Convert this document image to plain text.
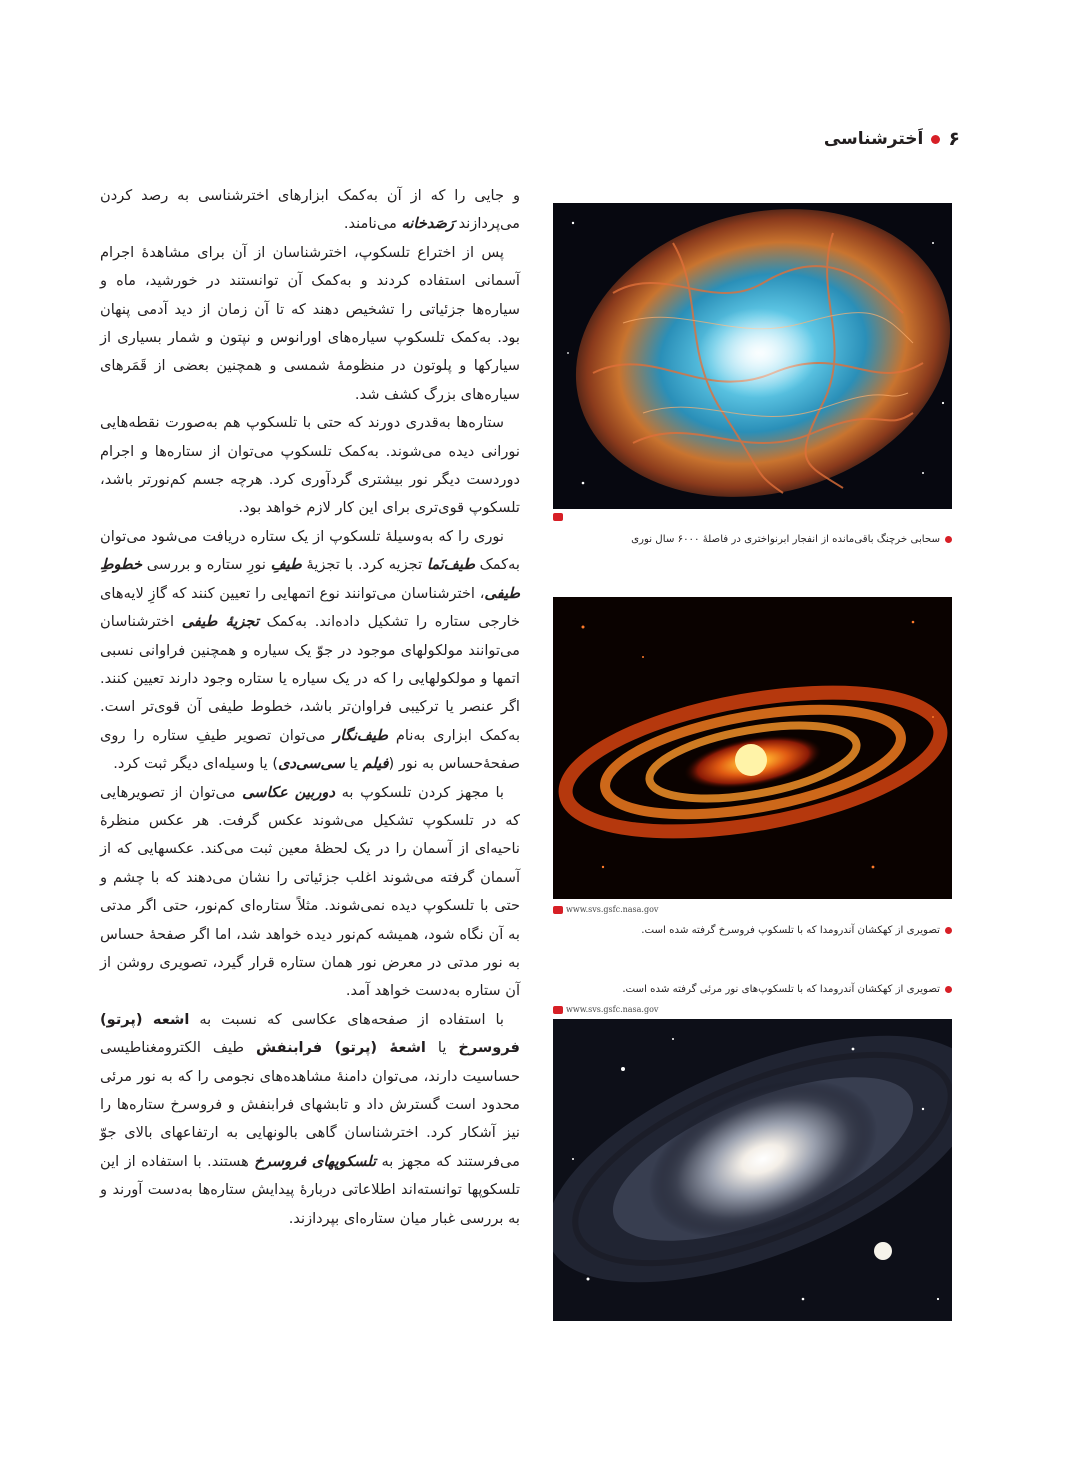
۶
اَخترشناسی

و جایی را که از آن به‌کمک ابزارهای اخترشناسی به رصد کردن می‌پردازند رَصَدخانه می‌نامند.

پس از اختراع تلسکوپ، اخترشناسان از آن برای مشاهدهٔ اجرام آسمانی استفاده کردند و به‌کمک آن توانستند در خورشید، ماه و سیاره‌ها جزئیاتی را تشخیص دهند که تا آن زمان از دید آدمی پنهان بود. به‌کمک تلسکوپ سیاره‌های اورانوس و نپتون و شمار بسیاری از سیارکها و پلوتون در منظومهٔ شمسی و همچنین بعضی از قَمَرهای سیاره‌های بزرگ کشف شد.

ستاره‌ها به‌قدری دورند که حتی با تلسکوپ هم به‌صورت نقطه‌هایی نورانی دیده می‌شوند. به‌کمک تلسکوپ می‌توان از ستاره‌ها و اجرام دوردست دیگر نور بیشتری گردآوری کرد. هرچه جسم کم‌نورتر باشد، تلسکوپ قوی‌تری برای این کار لازم خواهد بود.

نوری را که به‌وسیلهٔ تلسکوپ از یک ستاره دریافت می‌شود می‌توان به‌کمک طیف‌نَما تجزیه کرد. با تجزیهٔ طیفِ نورِ ستاره و بررسی خطوطِ طیفی، اخترشناسان می‌توانند نوع اتمهایی را تعیین کنند که گازِ لایه‌های خارجی ستاره را تشکیل داده‌اند. به‌کمک تجزیهٔ طیفی اخترشناسان می‌توانند مولکولهای موجود در جوّ یک سیاره و همچنین فراوانی نسبی اتمها و مولکولهایی را که در یک سیاره یا ستاره وجود دارند تعیین کنند. اگر عنصر یا ترکیبی فراوان‌تر باشد، خطوط طیفی آن قوی‌تر است. به‌کمک ابزاری به‌نام طیف‌نگار می‌توان تصویر طیفِ ستاره را روی صفحهٔ‌حساس به نور (فیلم یا سی‌سی‌دی) یا وسیله‌ای دیگر ثبت کرد.

با مجهز کردن تلسکوپ به دوربین عکاسی می‌توان از تصویرهایی که در تلسکوپ تشکیل می‌شوند عکس گرفت. هر عکس منظرهٔ ناحیه‌ای از آسمان را در یک لحظهٔ معین ثبت می‌کند. عکسهایی که از آسمان گرفته می‌شوند اغلب جزئیاتی را نشان می‌دهند که با چشم و حتی با تلسکوپ دیده نمی‌شوند. مثلاً ستاره‌ای کم‌نور، حتی اگر مدتی به آن نگاه شود، همیشه کم‌نور دیده خواهد شد، اما اگر صفحهٔ حساس به نور مدتی در معرض نور همان ستاره قرار گیرد، تصویری روشن از آن ستاره به‌دست خواهد آمد.

با استفاده از صفحه‌های عکاسی که نسبت به اشعه (پرتو) فروسرخ یا اشعهٔ (پرتو) فرابنفش طیف الکترومغناطیسی حساسیت دارند، می‌توان دامنهٔ مشاهده‌های نجومی را که به نور مرئی محدود است گسترش داد و تابشهای فرابنفش و فروسرخ ستاره‌ها را نیز آشکار کرد. اخترشناسان گاهی بالونهایی به ارتفاعهای بالای جوّ می‌فرستند که مجهز به تلسکوپهای فروسرخ هستند. با استفاده از این تلسکوپها توانسته‌اند اطلاعاتی دربارهٔ پیدایش ستاره‌ها به‌دست آورند و به بررسی غبار میان ستاره‌ای بپردازند.

سحابی خرچنگ باقی‌مانده از انفجار ابرنواختری در فاصلهٔ ۶۰۰۰ سال نوری
www.svs.gsfc.nasa.gov
تصویری از کهکشان آندرومدا که با تلسکوپ فروسرخ گرفته شده است.
تصویری از کهکشان آندرومدا که با تلسکوپ‌های نور مرئی گرفته شده است.
www.svs.gsfc.nasa.gov
